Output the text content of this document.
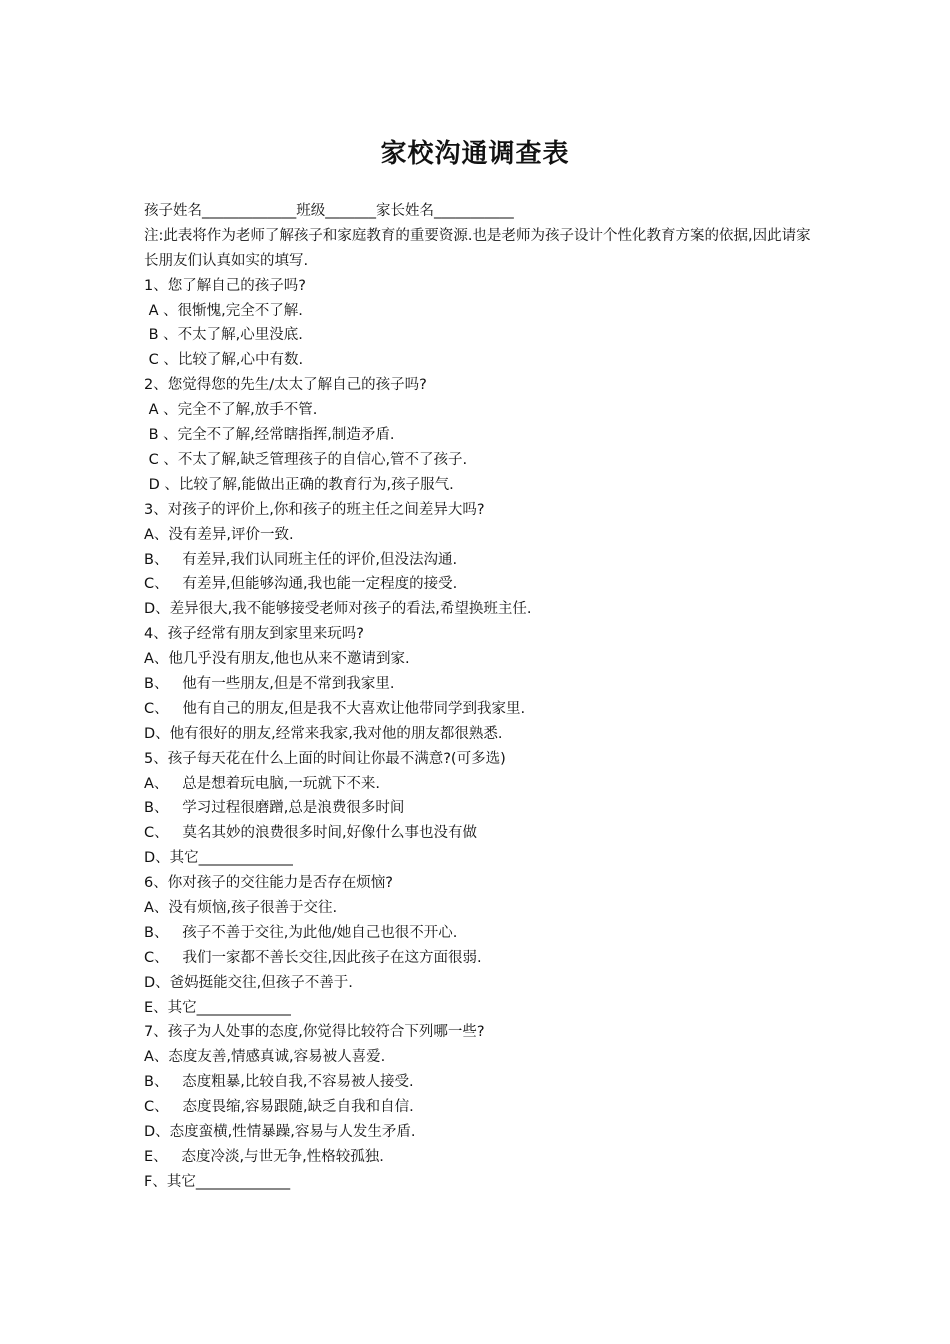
家校沟通调查表
孩子姓名_____________班级_______家长姓名___________
注:此表将作为老师了解孩子和家庭教育的重要资源.也是老师为孩子设计个性化教育方案的依据,因此请家长朋友们认真如实的填写.
1、您了解自己的孩子吗?
A 、很惭愧,完全不了解.
B 、不太了解,心里没底.
C 、比较了解,心中有数.
2、您觉得您的先生/太太了解自己的孩子吗?
A 、完全不了解,放手不管.
B 、完全不了解,经常瞎指挥,制造矛盾.
C 、不太了解,缺乏管理孩子的自信心,管不了孩子.
D 、比较了解,能做出正确的教育行为,孩子服气.
3、对孩子的评价上,你和孩子的班主任之间差异大吗?
A、没有差异,评价一致.
B、   有差异,我们认同班主任的评价,但没法沟通.
C、   有差异,但能够沟通,我也能一定程度的接受.
D、差异很大,我不能够接受老师对孩子的看法,希望换班主任.
4、孩子经常有朋友到家里来玩吗?
A、他几乎没有朋友,他也从来不邀请到家.
B、   他有一些朋友,但是不常到我家里.
C、   他有自己的朋友,但是我不大喜欢让他带同学到我家里.
D、他有很好的朋友,经常来我家,我对他的朋友都很熟悉.
5、孩子每天花在什么上面的时间让你最不满意?(可多选)
A、   总是想着玩电脑,一玩就下不来.
B、   学习过程很磨蹭,总是浪费很多时间
C、   莫名其妙的浪费很多时间,好像什么事也没有做
D、其它_____________
6、你对孩子的交往能力是否存在烦恼?
A、没有烦恼,孩子很善于交往.
B、   孩子不善于交往,为此他/她自己也很不开心.
C、   我们一家都不善长交往,因此孩子在这方面很弱.
D、爸妈挺能交往,但孩子不善于.
E、其它_____________
7、孩子为人处事的态度,你觉得比较符合下列哪一些?
A、态度友善,情感真诚,容易被人喜爱.
B、   态度粗暴,比较自我,不容易被人接受.
C、   态度畏缩,容易跟随,缺乏自我和自信.
D、态度蛮横,性情暴躁,容易与人发生矛盾.
E、   态度冷淡,与世无争,性格较孤独.
F、其它_____________
